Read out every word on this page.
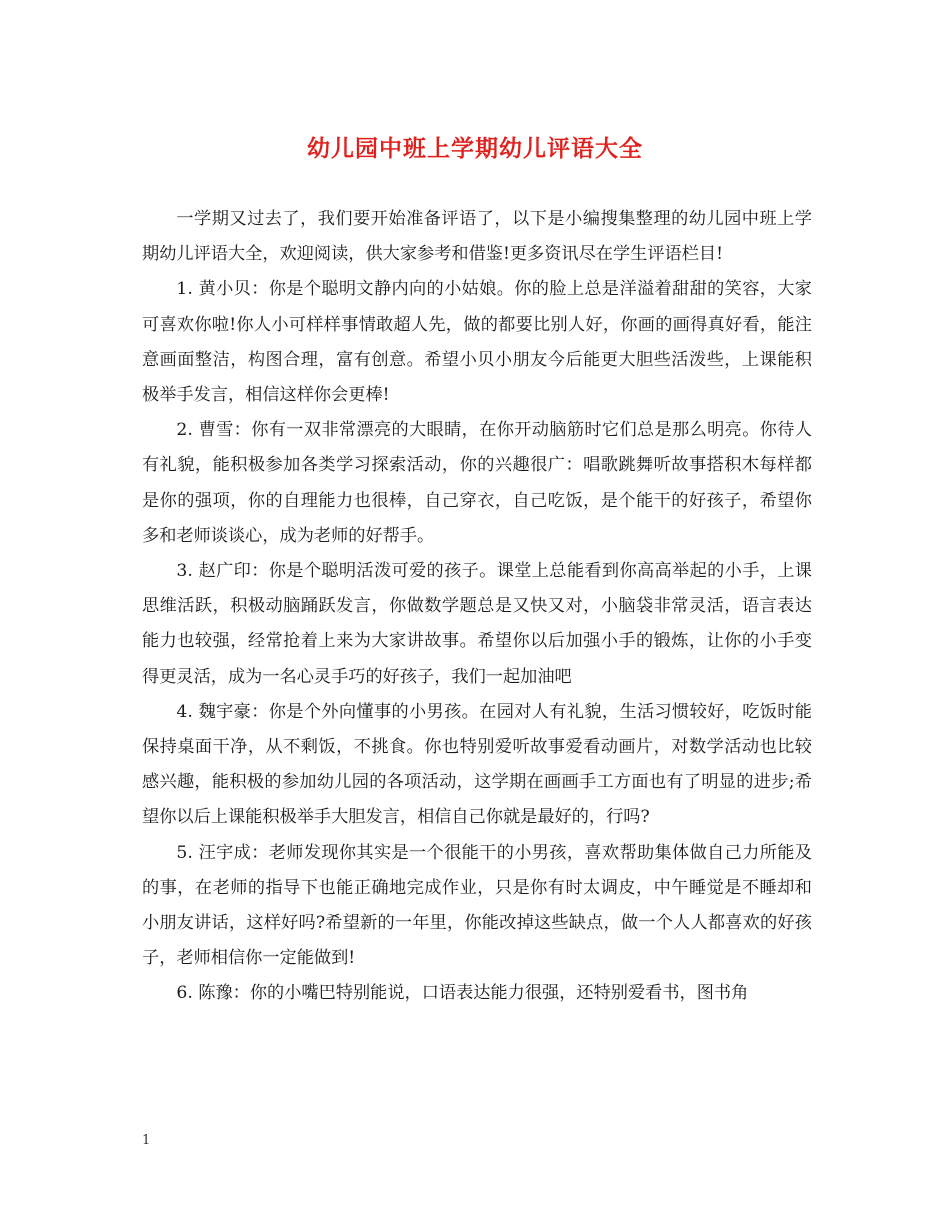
幼儿园中班上学期幼儿评语大全

一学期又过去了，我们要开始准备评语了，以下是小编搜集整理的幼儿园中班上学期幼儿评语大全，欢迎阅读，供大家参考和借鉴!更多资讯尽在学生评语栏目!

1. 黄小贝：你是个聪明文静内向的小姑娘。你的脸上总是洋溢着甜甜的笑容，大家可喜欢你啦!你人小可样样事情敢超人先，做的都要比别人好，你画的画得真好看，能注意画面整洁，构图合理，富有创意。希望小贝小朋友今后能更大胆些活泼些，上课能积极举手发言，相信这样你会更棒!

2. 曹雪：你有一双非常漂亮的大眼睛，在你开动脑筋时它们总是那么明亮。你待人有礼貌，能积极参加各类学习探索活动，你的兴趣很广：唱歌跳舞听故事搭积木每样都是你的强项，你的自理能力也很棒，自己穿衣，自己吃饭，是个能干的好孩子，希望你多和老师谈谈心，成为老师的好帮手。

3. 赵广印：你是个聪明活泼可爱的孩子。课堂上总能看到你高高举起的小手，上课思维活跃，积极动脑踊跃发言，你做数学题总是又快又对，小脑袋非常灵活，语言表达能力也较强，经常抢着上来为大家讲故事。希望你以后加强小手的锻炼，让你的小手变得更灵活，成为一名心灵手巧的好孩子，我们一起加油吧

4. 魏宇豪：你是个外向懂事的小男孩。在园对人有礼貌，生活习惯较好，吃饭时能保持桌面干净，从不剩饭，不挑食。你也特别爱听故事爱看动画片，对数学活动也比较感兴趣，能积极的参加幼儿园的各项活动，这学期在画画手工方面也有了明显的进步;希望你以后上课能积极举手大胆发言，相信自己你就是最好的，行吗?

5. 汪宇成：老师发现你其实是一个很能干的小男孩，喜欢帮助集体做自己力所能及的事，在老师的指导下也能正确地完成作业，只是你有时太调皮，中午睡觉是不睡却和小朋友讲话，这样好吗?希望新的一年里，你能改掉这些缺点，做一个人人都喜欢的好孩子，老师相信你一定能做到!

6. 陈豫：你的小嘴巴特别能说，口语表达能力很强，还特别爱看书，图书角

1
